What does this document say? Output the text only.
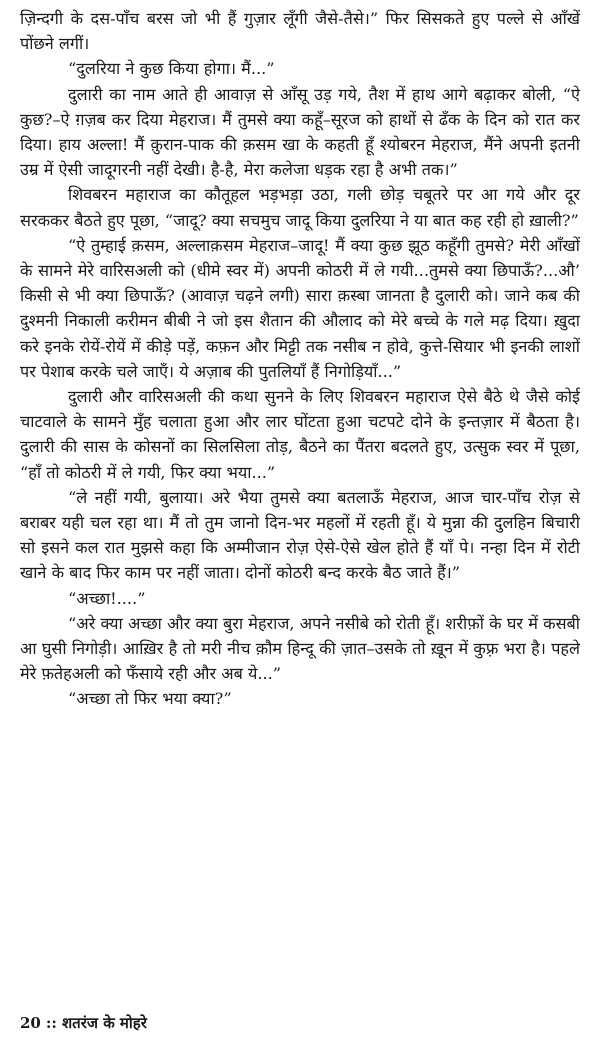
ज़िन्दगी के दस-पाँच बरस जो भी हैं गुज़ार लूँगी जैसे-तैसे।” फिर सिसकते हुए पल्ले से आँखें पोंछने लगीं।

“दुलरिया ने कुछ किया होगा। मैं...”

दुलारी का नाम आते ही आवाज़ से आँसू उड़ गये, तैश में हाथ आगे बढ़ाकर बोली, “ऐ कुछ?–ऐ ग़ज़ब कर दिया मेहराज। मैं तुमसे क्या कहूँ–सूरज को हाथों से ढँक के दिन को रात कर दिया। हाय अल्ला! मैं क़ुरान-पाक की क़सम खा के कहती हूँ श्योबरन मेहराज, मैंने अपनी इतनी उम्र में ऐसी जादूगरनी नहीं देखी। है-है, मेरा कलेजा धड़क रहा है अभी तक।”

शिवबरन महाराज का कौतूहल भड़भड़ा उठा, गली छोड़ चबूतरे पर आ गये और दूर सरककर बैठते हुए पूछा, “जादू? क्या सचमुच जादू किया दुलरिया ने या बात कह रही हो ख़ाली?”

“ऐ तुम्हाई क़सम, अल्लाक़सम मेहराज–जादू! मैं क्या कुछ झूठ कहूँगी तुमसे? मेरी आँखों के सामने मेरे वारिसअली को (धीमे स्वर में) अपनी कोठरी में ले गयी...तुमसे क्या छिपाऊँ?...औ’ किसी से भी क्या छिपाऊँ? (आवाज़ चढ़ने लगी) सारा क़स्बा जानता है दुलारी को। जाने कब की दुश्मनी निकाली करीमन बीबी ने जो इस शैतान की औलाद को मेरे बच्चे के गले मढ़ दिया। ख़ुदा करे इनके रोयें-रोयें में कीड़े पड़ें, कफ़न और मिट्टी तक नसीब न होवे, कुत्ते-सियार भी इनकी लाशों पर पेशाब करके चले जाएँ। ये अज़ाब की पुतलियाँ हैं निगोड़ियाँ...”

दुलारी और वारिसअली की कथा सुनने के लिए शिवबरन महाराज ऐसे बैठे थे जैसे कोई चाटवाले के सामने मुँह चलाता हुआ और लार घोंटता हुआ चटपटे दोने के इन्तज़ार में बैठता है। दुलारी की सास के कोसनों का सिलसिला तोड़, बैठने का पैंतरा बदलते हुए, उत्सुक स्वर में पूछा, “हाँ तो कोठरी में ले गयी, फिर क्या भया...”

“ले नहीं गयी, बुलाया। अरे भैया तुमसे क्या बतलाऊँ मेहराज, आज चार-पाँच रोज़ से बराबर यही चल रहा था। मैं तो तुम जानो दिन-भर महलों में रहती हूँ। ये मुन्ना की दुलहिन बिचारी सो इसने कल रात मुझसे कहा कि अम्मीजान रोज़ ऐसे-ऐसे खेल होते हैं याँ पे। नन्हा दिन में रोटी खाने के बाद फिर काम पर नहीं जाता। दोनों कोठरी बन्द करके बैठ जाते हैं।”

“अच्छा!....”

“अरे क्या अच्छा और क्या बुरा मेहराज, अपने नसीबे को रोती हूँ। शरीफ़ों के घर में कसबी आ घुसी निगोड़ी। आख़िर है तो मरी नीच क़ौम हिन्दू की ज़ात–उसके तो ख़ून में कुफ़्र भरा है। पहले मेरे फ़तेहअली को फँसाये रही और अब ये...”

“अच्छा तो फिर भया क्या?”

20 :: शतरंज के मोहरे
